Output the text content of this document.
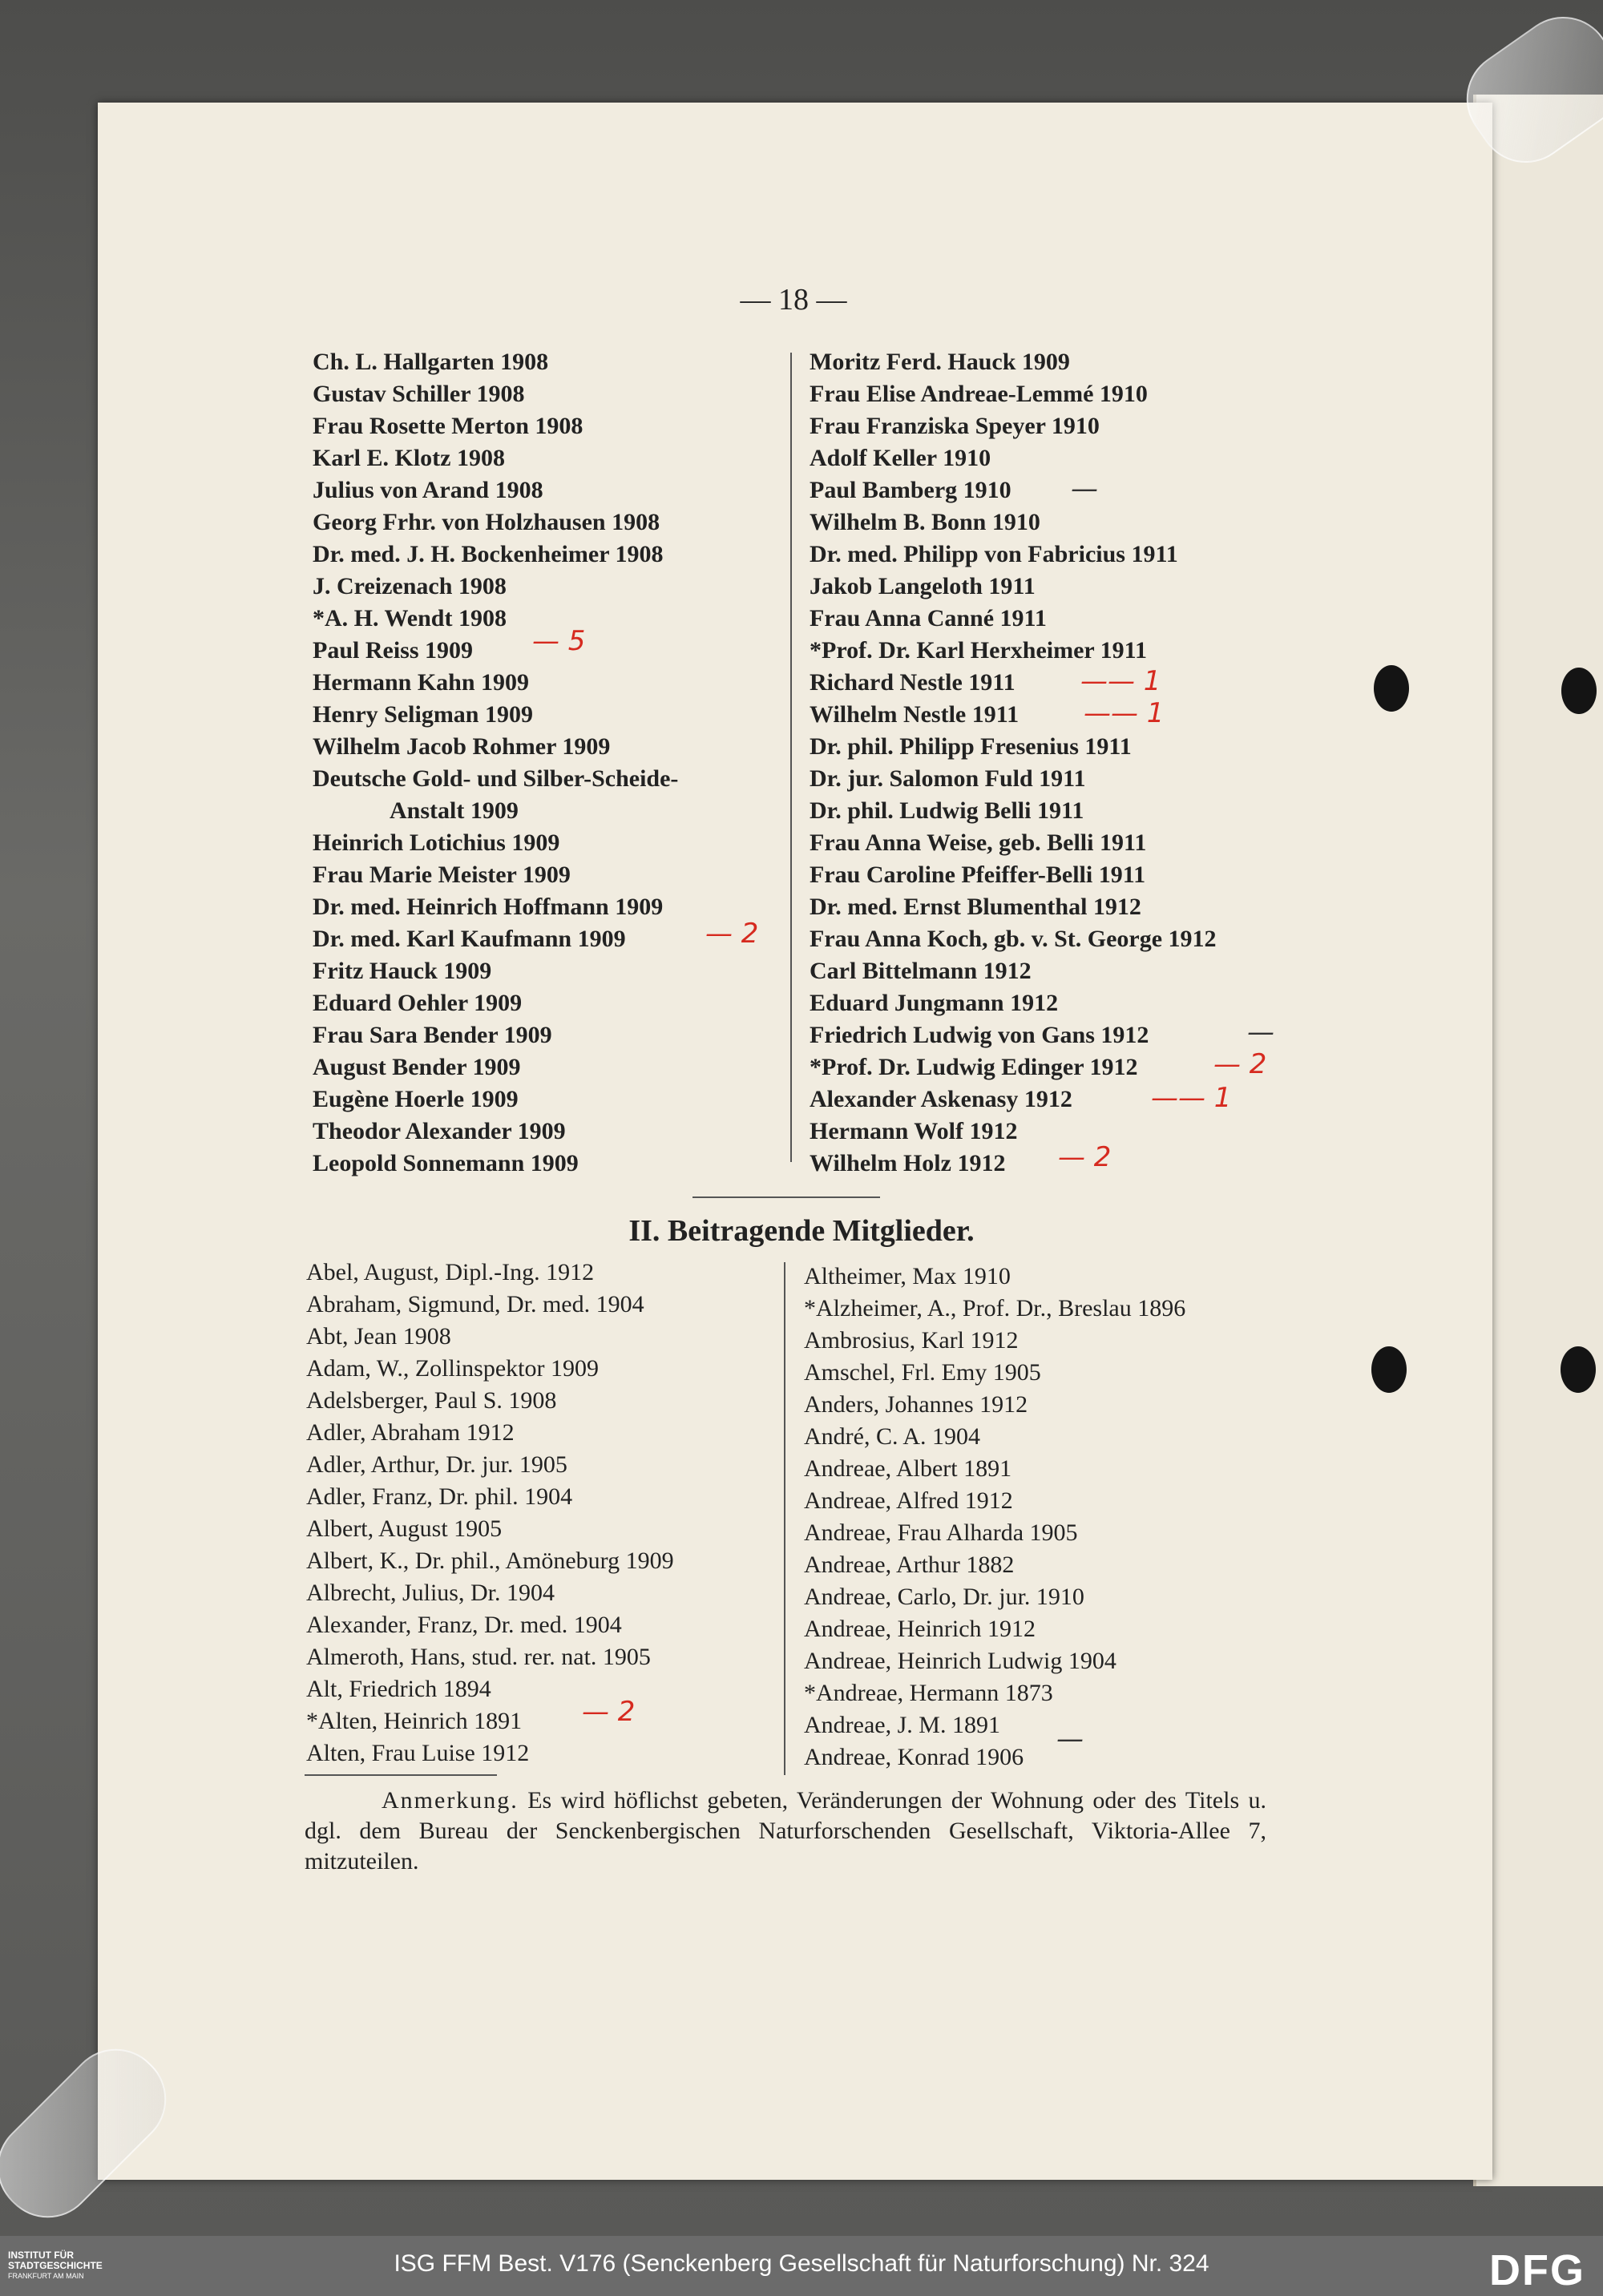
— 18 —
Ch. L. Hallgarten 1908
Gustav Schiller 1908
Frau Rosette Merton 1908
Karl E. Klotz 1908
Julius von Arand 1908
Georg Frhr. von Holzhausen 1908
Dr. med. J. H. Bockenheimer 1908
J. Creizenach 1908
*A. H. Wendt 1908
Paul Reiss 1909
Hermann Kahn 1909
Henry Seligman 1909
Wilhelm Jacob Rohmer 1909
Deutsche Gold- und Silber-Scheide-
Anstalt 1909
Heinrich Lotichius 1909
Frau Marie Meister 1909
Dr. med. Heinrich Hoffmann 1909
Dr. med. Karl Kaufmann 1909
Fritz Hauck 1909
Eduard Oehler 1909
Frau Sara Bender 1909
August Bender 1909
Eugène Hoerle 1909
Theodor Alexander 1909
Leopold Sonnemann 1909
Moritz Ferd. Hauck 1909
Frau Elise Andreae-Lemmé 1910
Frau Franziska Speyer 1910
Adolf Keller 1910
Paul Bamberg 1910
Wilhelm B. Bonn 1910
Dr. med. Philipp von Fabricius 1911
Jakob Langeloth 1911
Frau Anna Canné 1911
*Prof. Dr. Karl Herxheimer 1911
Richard Nestle 1911
Wilhelm Nestle 1911
Dr. phil. Philipp Fresenius 1911
Dr. jur. Salomon Fuld 1911
Dr. phil. Ludwig Belli 1911
Frau Anna Weise, geb. Belli 1911
Frau Caroline Pfeiffer-Belli 1911
Dr. med. Ernst Blumenthal 1912
Frau Anna Koch, gb. v. St. George 1912
Carl Bittelmann 1912
Eduard Jungmann 1912
Friedrich Ludwig von Gans 1912
*Prof. Dr. Ludwig Edinger 1912
Alexander Askenasy 1912
Hermann Wolf 1912
Wilhelm Holz 1912
II. Beitragende Mitglieder.
Abel, August, Dipl.-Ing. 1912
Abraham, Sigmund, Dr. med. 1904
Abt, Jean 1908
Adam, W., Zollinspektor 1909
Adelsberger, Paul S. 1908
Adler, Abraham 1912
Adler, Arthur, Dr. jur. 1905
Adler, Franz, Dr. phil. 1904
Albert, August 1905
Albert, K., Dr. phil., Amöneburg 1909
Albrecht, Julius, Dr. 1904
Alexander, Franz, Dr. med. 1904
Almeroth, Hans, stud. rer. nat. 1905
Alt, Friedrich 1894
*Alten, Heinrich 1891
Alten, Frau Luise 1912
Altheimer, Max 1910
*Alzheimer, A., Prof. Dr., Breslau 1896
Ambrosius, Karl 1912
Amschel, Frl. Emy 1905
Anders, Johannes 1912
André, C. A. 1904
Andreae, Albert 1891
Andreae, Alfred 1912
Andreae, Frau Alharda 1905
Andreae, Arthur 1882
Andreae, Carlo, Dr. jur. 1910
Andreae, Heinrich 1912
Andreae, Heinrich Ludwig 1904
*Andreae, Hermann 1873
Andreae, J. M. 1891
Andreae, Konrad 1906
Anmerkung. Es wird höflichst gebeten, Veränderungen der Wohnung oder des Titels u. dgl. dem Bureau der Senckenbergischen Naturforschenden Gesellschaft, Viktoria-Allee 7, mitzuteilen.
— 5
— 2
—
—— 1
—— 1
—
— 2
—— 1
— 2
— 2
—
INSTITUT FÜR
STADTGESCHICHTE
FRANKFURT AM MAIN	ISG FFM Best. V176 (Senckenberg Gesellschaft für Naturforschung) Nr. 324	DFG
